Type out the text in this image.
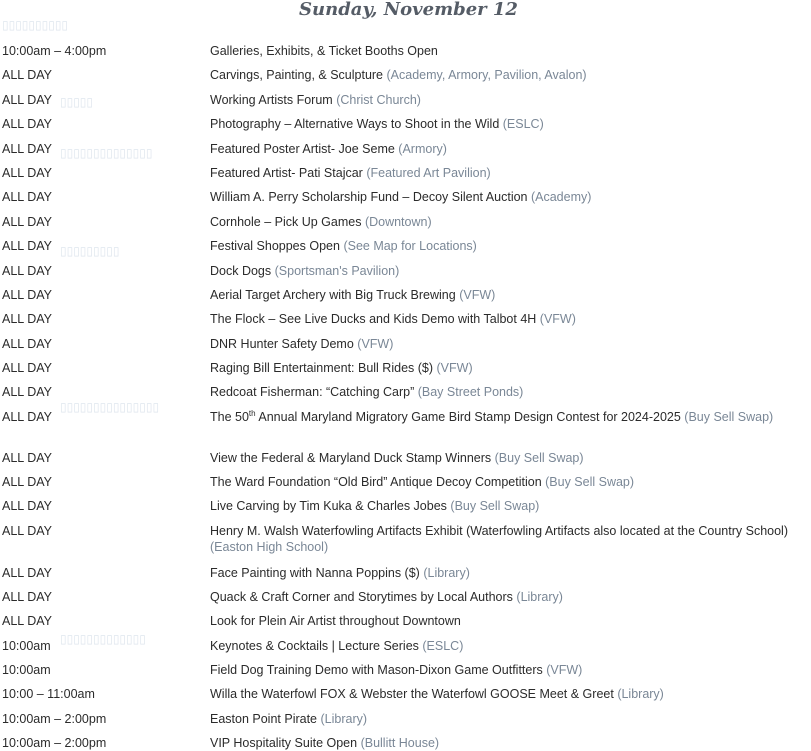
Sunday, November 12
▯▯▯▯▯▯▯▯▯▯
▯▯▯▯▯
▯▯▯▯▯▯▯▯▯▯▯▯▯▯
▯▯▯▯▯▯▯▯▯
▯▯▯▯▯▯▯▯▯▯▯▯▯▯▯
▯▯▯▯▯▯▯▯▯▯▯▯▯
10:00am – 4:00pm	Galleries, Exhibits, & Ticket Booths Open
ALL DAY	Carvings, Painting, & Sculpture (Academy, Armory, Pavilion, Avalon)
ALL DAY	Working Artists Forum (Christ Church)
ALL DAY	Photography – Alternative Ways to Shoot in the Wild (ESLC)
ALL DAY	Featured Poster Artist- Joe Seme (Armory)
ALL DAY	Featured Artist- Pati Stajcar (Featured Art Pavilion)
ALL DAY	William A. Perry Scholarship Fund – Decoy Silent Auction (Academy)
ALL DAY	Cornhole – Pick Up Games (Downtown)
ALL DAY	Festival Shoppes Open (See Map for Locations)
ALL DAY	Dock Dogs (Sportsman's Pavilion)
ALL DAY	Aerial Target Archery with Big Truck Brewing (VFW)
ALL DAY	The Flock – See Live Ducks and Kids Demo with Talbot 4H (VFW)
ALL DAY	DNR Hunter Safety Demo (VFW)
ALL DAY	Raging Bill Entertainment: Bull Rides ($) (VFW)
ALL DAY	Redcoat Fisherman: “Catching Carp” (Bay Street Ponds)
ALL DAY	The 50th Annual Maryland Migratory Game Bird Stamp Design Contest for 2024-2025 (Buy Sell Swap)
ALL DAY	View the Federal & Maryland Duck Stamp Winners (Buy Sell Swap)
ALL DAY	The Ward Foundation “Old Bird” Antique Decoy Competition (Buy Sell Swap)
ALL DAY	Live Carving by Tim Kuka & Charles Jobes (Buy Sell Swap)
ALL DAY	Henry M. Walsh Waterfowling Artifacts Exhibit (Waterfowling Artifacts also located at the Country School) (Easton High School)
ALL DAY	Face Painting with Nanna Poppins ($) (Library)
ALL DAY	Quack & Craft Corner and Storytimes by Local Authors (Library)
ALL DAY	Look for Plein Air Artist throughout Downtown
10:00am	Keynotes & Cocktails | Lecture Series (ESLC)
10:00am	Field Dog Training Demo with Mason-Dixon Game Outfitters (VFW)
10:00 – 11:00am	Willa the Waterfowl FOX & Webster the Waterfowl GOOSE Meet & Greet (Library)
10:00am – 2:00pm	Easton Point Pirate (Library)
10:00am – 2:00pm	VIP Hospitality Suite Open (Bullitt House)
